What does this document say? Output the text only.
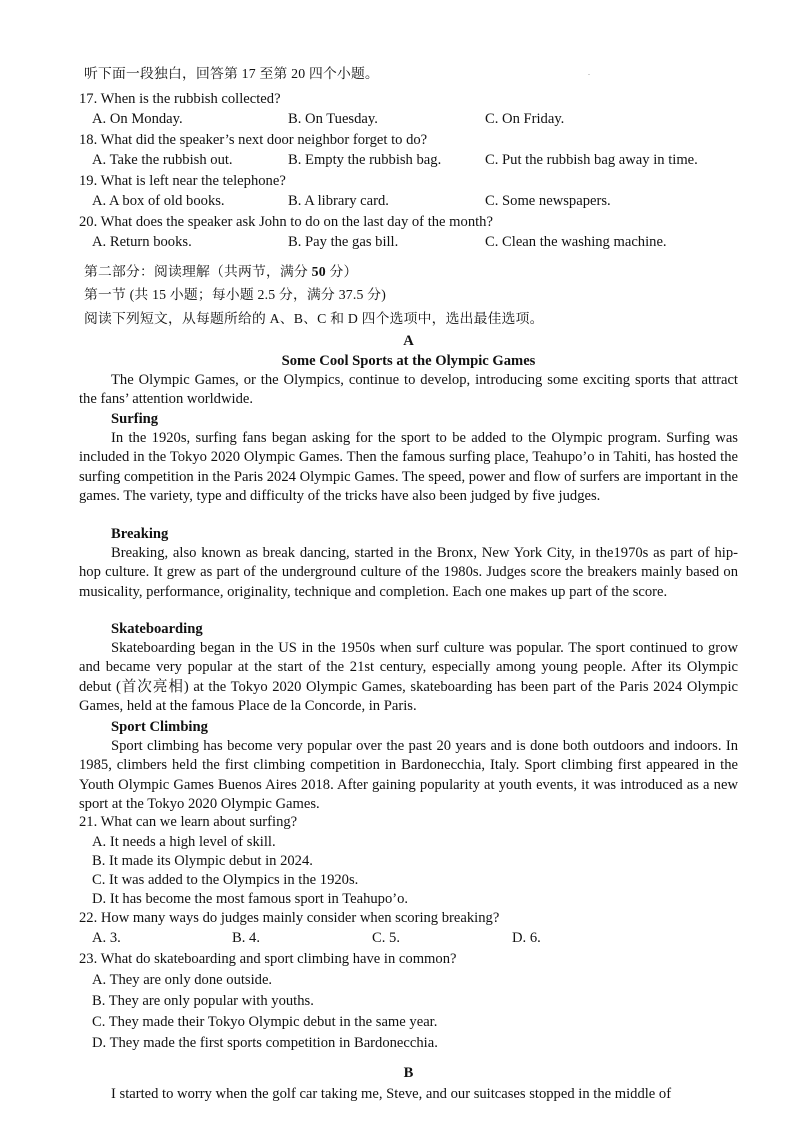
听下面一段独白，回答第 17 至第 20 四个小题。	.
17. When is the rubbish collected?
A. On Monday.	B. On Tuesday.	C. On Friday.
18. What did the speaker’s next door neighbor forget to do?
A. Take the rubbish out.	B. Empty the rubbish bag.	C. Put the rubbish bag away in time.
19. What is left near the telephone?
A. A box of old books.	B. A library card.	C. Some newspapers.
20. What does the speaker ask John to do on the last day of the month?
A. Return books.	B. Pay the gas bill.	C. Clean the washing machine.
第二部分：阅读理解（共两节，满分 50 分）
第一节 (共 15 小题；每小题 2.5 分，满分 37.5 分)
阅读下列短文，从每题所给的 A、B、C 和 D 四个选项中，选出最佳选项。
A
Some Cool Sports at the Olympic Games
The Olympic Games, or the Olympics, continue to develop, introducing some exciting sports that attract the fans’ attention worldwide.
Surfing
In the 1920s, surfing fans began asking for the sport to be added to the Olympic program. Surfing was included in the Tokyo 2020 Olympic Games. Then the famous surfing place, Teahupo’o in Tahiti, has hosted the surfing competition in the Paris 2024 Olympic Games. The speed, power and flow of surfers are important in the games. The variety, type and difficulty of the tricks have also been judged by five judges.
Breaking
Breaking, also known as break dancing, started in the Bronx, New York City, in the1970s as part of hip-hop culture. It grew as part of the underground culture of the 1980s. Judges score the breakers mainly based on musicality, performance, originality, technique and completion. Each one makes up part of the score.
Skateboarding
Skateboarding began in the US in the 1950s when surf culture was popular. The sport continued to grow and became very popular at the start of the 21st century, especially among young people. After its Olympic debut (首次亮相) at the Tokyo 2020 Olympic Games, skateboarding has been part of the Paris 2024 Olympic Games, held at the famous Place de la Concorde, in Paris.
Sport Climbing
Sport climbing has become very popular over the past 20 years and is done both outdoors and indoors. In 1985, climbers held the first climbing competition in Bardonecchia, Italy. Sport climbing first appeared in the Youth Olympic Games Buenos Aires 2018. After gaining popularity at youth events, it was introduced as a new sport at the Tokyo 2020 Olympic Games.
21. What can we learn about surfing?
A. It needs a high level of skill.
B. It made its Olympic debut in 2024.
C. It was added to the Olympics in the 1920s.
D. It has become the most famous sport in Teahupo’o.
22. How many ways do judges mainly consider when scoring breaking?
A. 3.	B. 4.	C. 5.	D. 6.
23. What do skateboarding and sport climbing have in common?
A. They are only done outside.
B. They are only popular with youths.
C. They made their Tokyo Olympic debut in the same year.
D. They made the first sports competition in Bardonecchia.
B
I started to worry when the golf car taking me, Steve, and our suitcases stopped in the middle of
